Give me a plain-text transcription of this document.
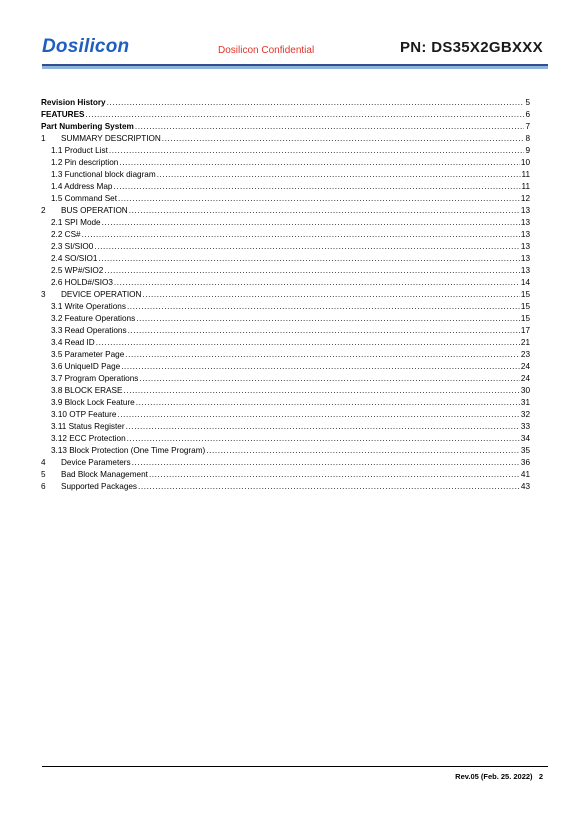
Dosilicon	Dosilicon Confidential	PN: DS35X2GBXXX
Revision History .....	5
FEATURES .....	6
Part Numbering System .....	7
1	SUMMARY DESCRIPTION .....	8
1.1 Product List .....	9
1.2 Pin description .....	10
1.3 Functional block diagram .....	11
1.4 Address Map .....	11
1.5 Command Set .....	12
2	BUS OPERATION .....	13
2.1 SPI Mode .....	13
2.2 CS# .....	13
2.3 SI/SIO0 .....	13
2.4 SO/SIO1 .....	13
2.5 WP#/SIO2 .....	13
2.6 HOLD#/SIO3 .....	14
3	DEVICE OPERATION .....	15
3.1 Write Operations .....	15
3.2 Feature Operations .....	15
3.3 Read Operations .....	17
3.4 Read ID .....	21
3.5 Parameter Page .....	23
3.6 UniqueID Page .....	24
3.7 Program Operations .....	24
3.8 BLOCK ERASE .....	30
3.9 Block Lock Feature .....	31
3.10 OTP Feature .....	32
3.11 Status Register .....	33
3.12 ECC Protection .....	34
3.13 Block Protection (One Time Program) .....	35
4	Device Parameters .....	36
5	Bad Block Management .....	41
6	Supported Packages .....	43
Rev.05 (Feb. 25. 2022) 2
